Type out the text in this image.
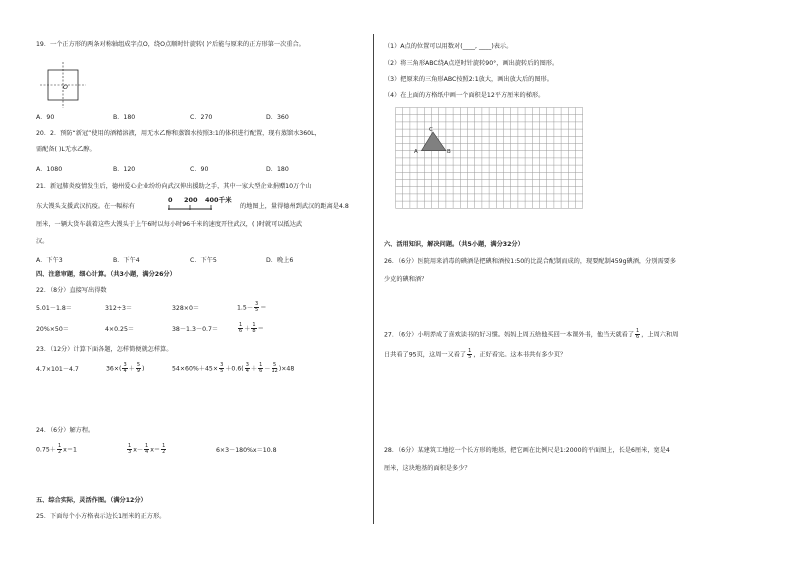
19．一个正方形的两条对称轴组成字点O，绕O点顺时针旋转( )°后能与原来的正方形第一次重合。
O
A．90	B．180	C．270	D．360
20．2．预防“新冠”使用的酒精溶液，用无水乙醇和蒸馏水按照3:1的体积进行配置，现有蒸馏水360L，
需配备( )L无水乙醇。
A．1080	B．120	C．90	D．180
21．新冠肺炎疫情发生后，德州爱心企业纷纷向武汉伸出援助之手，其中一家大型企业捐赠10万个山
东大馒头支援武汉抗疫。在一幅标有
0 200 400千米
的地图上，量得德州到武汉的距离是4.8
厘米，一辆大货车载着这些大馒头于上午6时以每小时96千米的速度开往武汉，( )时就可以抵达武
汉。
A．下午3	B．下午4	C．下午5	D．晚上6
四、注意审题，细心计算。（共3小题，满分26分）
22．（8分）直接写出得数
5.01－1.8＝	312÷3＝	328×0＝	$1.5- \frac{3}{5}$ ＝
20%×50＝	4×0.25＝	38－1.3－0.7＝	$\frac{1}{6} + \frac{1}{8}$ ＝
23．（12分）计算下面各题，怎样简便就怎样算。
4.7×101－4.7	$36\times( \frac{3}{4} + \frac{5}{9}$ )	$54\times 60\%+45\times \frac{3}{5} +0.6( \frac{3}{4} + \frac{1}{6} - \frac{5}{12} )\times 48$
24．（6分）解方程。
$0.75+ \frac{1}{2} x=1$	$\frac{1}{3} x- \frac{1}{4} x= \frac{1}{2}$	6×3－180%x＝10.8
五、综合实际，灵活作图。（满分12分）
25．下面每个小方格表示边长1厘米的正方形。
（1）A点的位置可以用数对(____, ____)表示。
（2）将三角形ABC绕A点逆时针旋转90°，画出旋转后的图形。
（3）把原来的三角形ABC按照2:1放大，画出放大后的图形。
（4）在上面的方格纸中画一个面积是12平方厘米的梯形。
A	B
C
六、活用知识，解决问题。（共5小题，满分32分）
26．（6分）医院用来消毒的碘酒是把碘和酒按1:50的比混合配制而成的，现要配制459g碘酒，分别需要多
少克的碘和酒？
27．（6分）小明养成了喜欢读书的好习惯。妈妈上周五给他买回一本课外书，他当天就看了 $\frac{1}{6}$ ，上周六和周
日共看了95页，这周一又看了 $\frac{1}{5}$ ，正好看完。这本书共有多少页？
28．（6分）某建筑工地挖一个长方形的地基，把它画在比例尺是1:2000的平面图上，长是6厘米，宽是4
厘米，这块地基的面积是多少？
